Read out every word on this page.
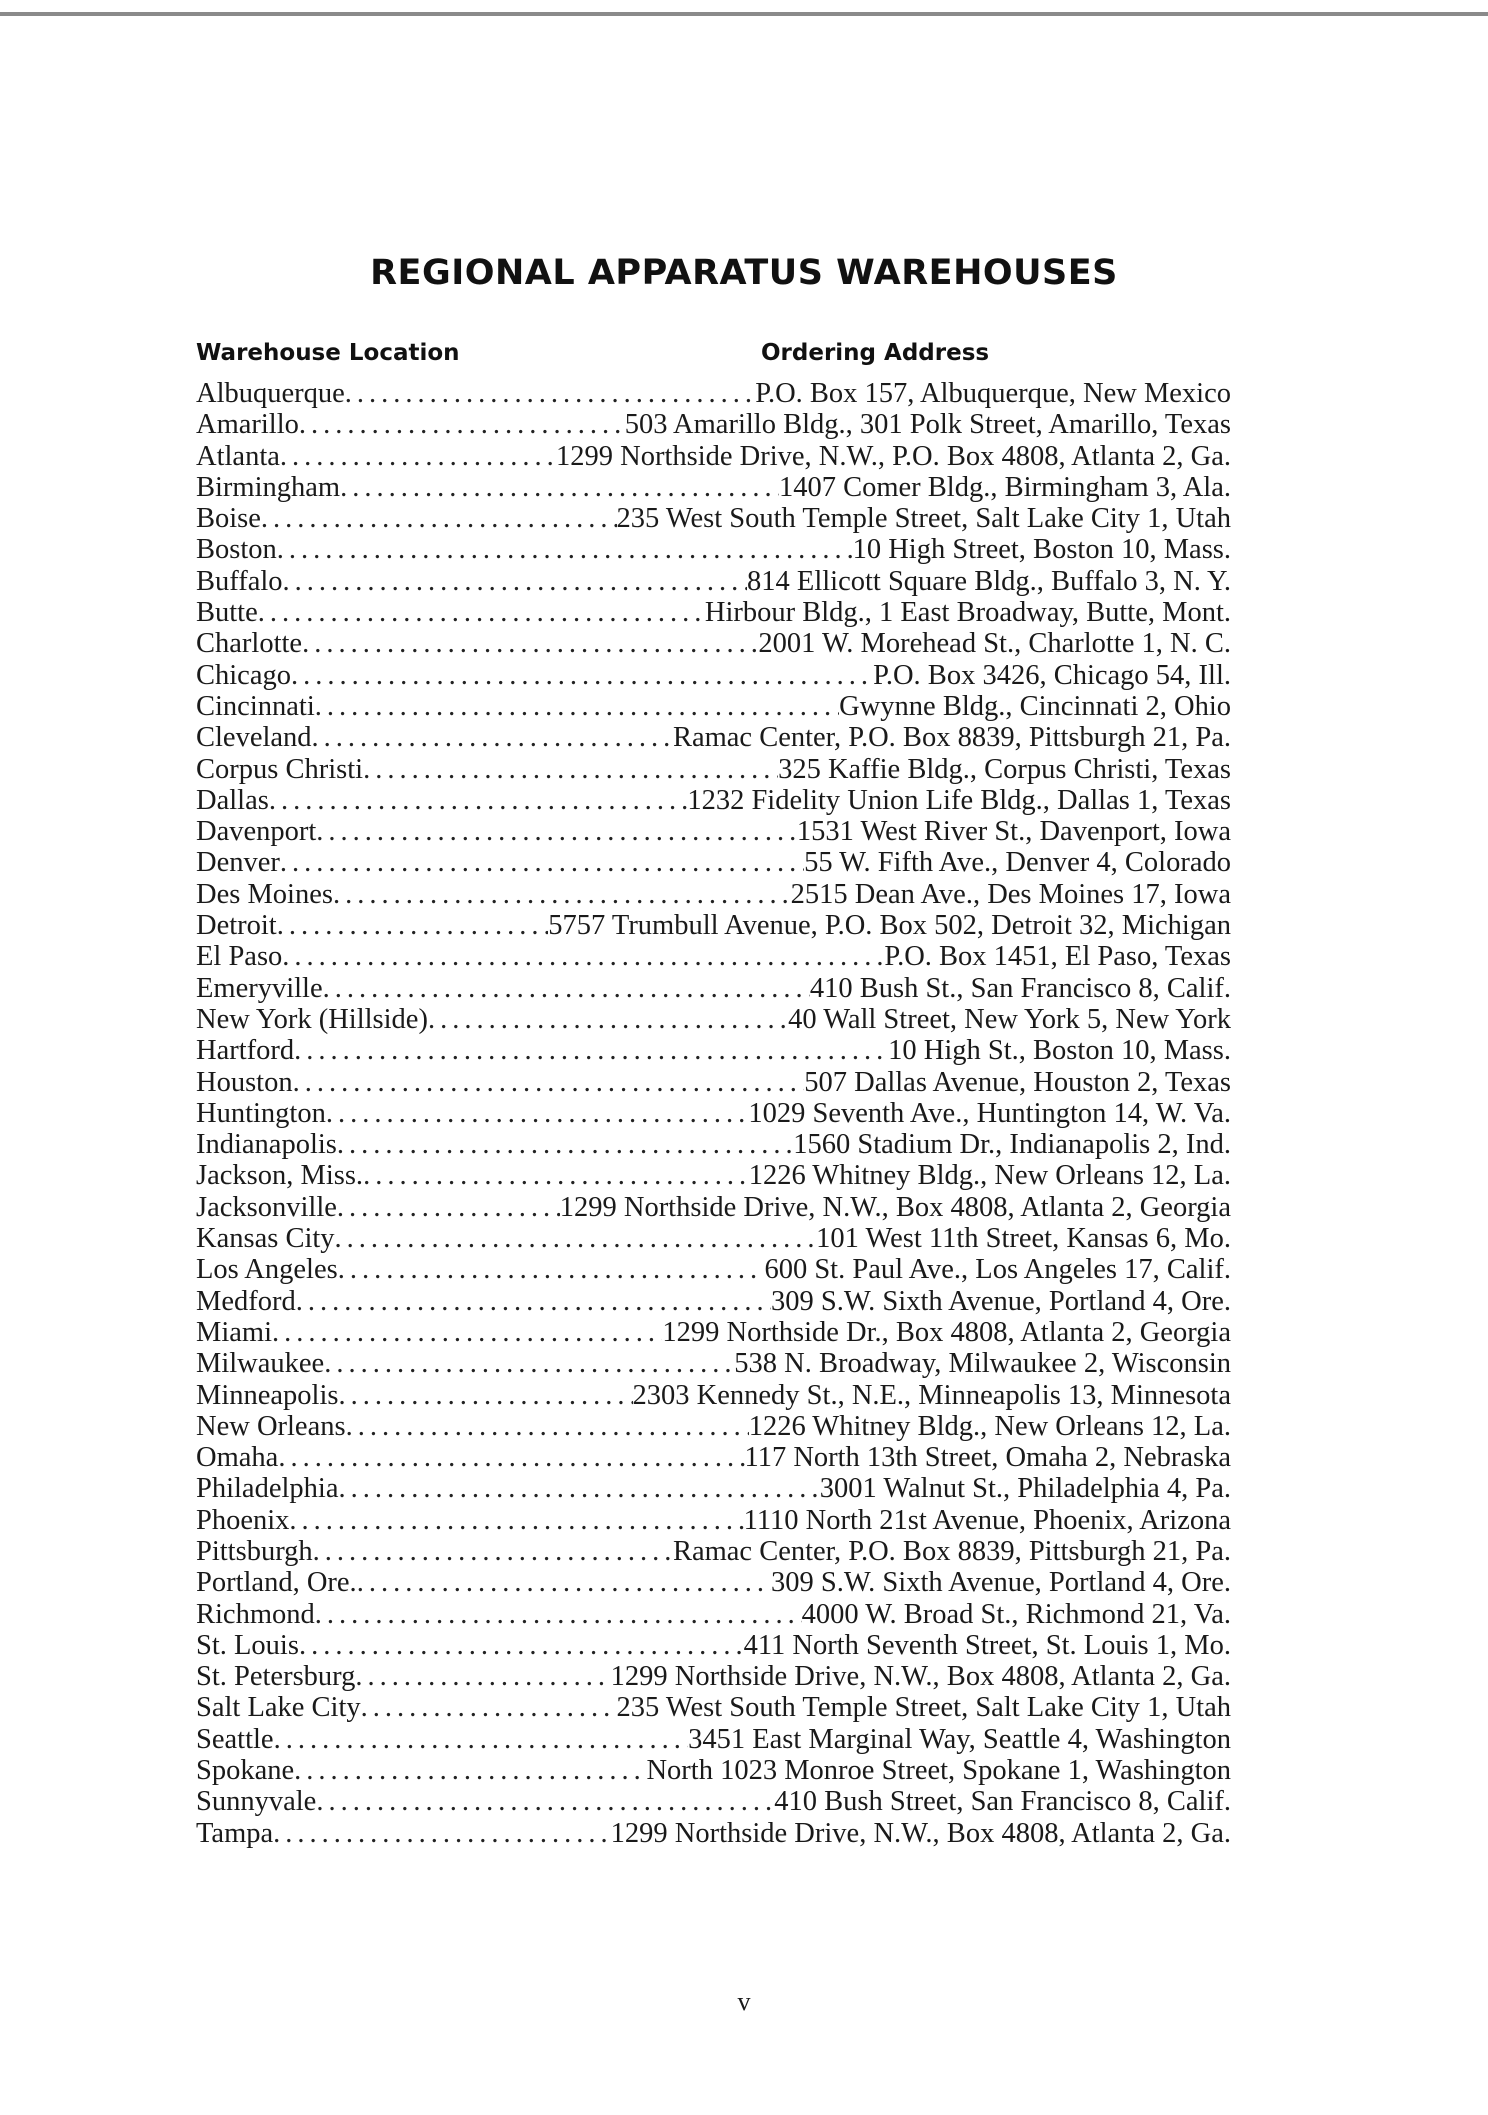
REGIONAL APPARATUS WAREHOUSES
Warehouse Location	Ordering Address
Albuquerque .....	P.O. Box 157, Albuquerque, New Mexico
Amarillo .....	503 Amarillo Bldg., 301 Polk Street, Amarillo, Texas
Atlanta .....	1299 Northside Drive, N.W., P.O. Box 4808, Atlanta 2, Ga.
Birmingham .....	1407 Comer Bldg., Birmingham 3, Ala.
Boise .....	235 West South Temple Street, Salt Lake City 1, Utah
Boston .....	10 High Street, Boston 10, Mass.
Buffalo .....	814 Ellicott Square Bldg., Buffalo 3, N. Y.
Butte .....	Hirbour Bldg., 1 East Broadway, Butte, Mont.
Charlotte .....	2001 W. Morehead St., Charlotte 1, N. C.
Chicago .....	P.O. Box 3426, Chicago 54, Ill.
Cincinnati .....	Gwynne Bldg., Cincinnati 2, Ohio
Cleveland .....	Ramac Center, P.O. Box 8839, Pittsburgh 21, Pa.
Corpus Christi .....	325 Kaffie Bldg., Corpus Christi, Texas
Dallas .....	1232 Fidelity Union Life Bldg., Dallas 1, Texas
Davenport .....	1531 West River St., Davenport, Iowa
Denver .....	55 W. Fifth Ave., Denver 4, Colorado
Des Moines .....	2515 Dean Ave., Des Moines 17, Iowa
Detroit .....	5757 Trumbull Avenue, P.O. Box 502, Detroit 32, Michigan
El Paso .....	P.O. Box 1451, El Paso, Texas
Emeryville .....	410 Bush St., San Francisco 8, Calif.
New York (Hillside) .....	40 Wall Street, New York 5, New York
Hartford .....	10 High St., Boston 10, Mass.
Houston .....	507 Dallas Avenue, Houston 2, Texas
Huntington .....	1029 Seventh Ave., Huntington 14, W. Va.
Indianapolis .....	1560 Stadium Dr., Indianapolis 2, Ind.
Jackson, Miss. .....	1226 Whitney Bldg., New Orleans 12, La.
Jacksonville .....	1299 Northside Drive, N.W., Box 4808, Atlanta 2, Georgia
Kansas City .....	101 West 11th Street, Kansas 6, Mo.
Los Angeles .....	600 St. Paul Ave., Los Angeles 17, Calif.
Medford .....	309 S.W. Sixth Avenue, Portland 4, Ore.
Miami .....	1299 Northside Dr., Box 4808, Atlanta 2, Georgia
Milwaukee .....	538 N. Broadway, Milwaukee 2, Wisconsin
Minneapolis .....	2303 Kennedy St., N.E., Minneapolis 13, Minnesota
New Orleans .....	1226 Whitney Bldg., New Orleans 12, La.
Omaha .....	117 North 13th Street, Omaha 2, Nebraska
Philadelphia .....	3001 Walnut St., Philadelphia 4, Pa.
Phoenix .....	1110 North 21st Avenue, Phoenix, Arizona
Pittsburgh .....	Ramac Center, P.O. Box 8839, Pittsburgh 21, Pa.
Portland, Ore. .....	309 S.W. Sixth Avenue, Portland 4, Ore.
Richmond .....	4000 W. Broad St., Richmond 21, Va.
St. Louis .....	411 North Seventh Street, St. Louis 1, Mo.
St. Petersburg .....	1299 Northside Drive, N.W., Box 4808, Atlanta 2, Ga.
Salt Lake City .....	235 West South Temple Street, Salt Lake City 1, Utah
Seattle .....	3451 East Marginal Way, Seattle 4, Washington
Spokane .....	North 1023 Monroe Street, Spokane 1, Washington
Sunnyvale .....	410 Bush Street, San Francisco 8, Calif.
Tampa .....	1299 Northside Drive, N.W., Box 4808, Atlanta 2, Ga.
v
